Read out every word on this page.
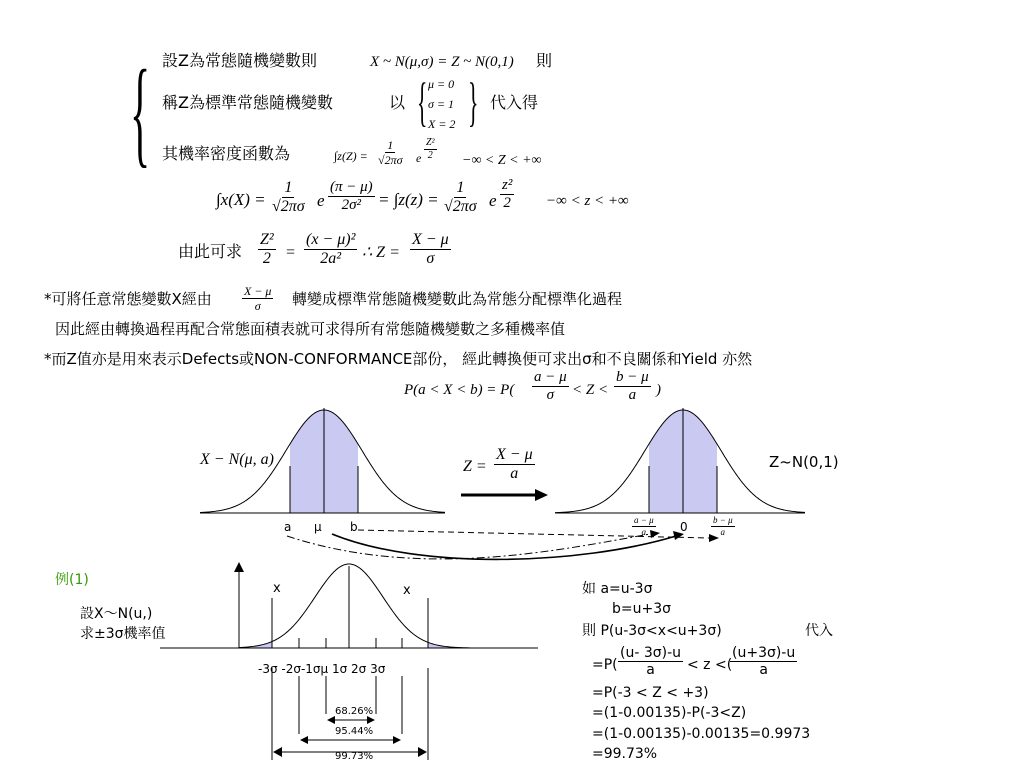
{ 設Z為常態隨機變數則	X ~ N(μ,σ) = Z ~ N(0,1) 則
稱Z為標準常態隨機變數	以 { μ = 0
σ = 1
X = 2 } 代入得
其機率密度函數為	$\int z(Z) = \frac{1}{√2\pi\sigma}$ e $\frac{\text{Z²}}{2}$ −∞ < Z < +∞
$\int x(X) = \frac{1}{√2\pi\sigma}$ e $\frac{(\pi - \mu)}{\text{2σ²}} = \int z(z) = \frac{1}{√2\pi\sigma}$ e $\frac{\text{z²}}{2}$ −∞ < z < +∞
由此可求 $\frac{\text{Z²}}{2} = \frac{\text{(x − μ)²}}{\text{2a²}}$ ∴ $Z = \frac{X - \mu}{\sigma}$
*可將任意常態變數X經由	$\frac{X - \mu}{\sigma}$ 轉變成標準常態隨機變數此為常態分配標準化過程
因此經由轉換過程再配合常態面積表就可求得所有常態隨機變數之多種機率值
*而Z值亦是用來表示Defects或NON-CONFORMANCE部份， 經此轉換便可求出σ和不良關係和Yield 亦然
$P(a < X < b) = P( \frac{a - \mu}{\sigma} < Z < \frac{b - \mu}{a}$ )
X − N(μ, a)
a μ b
$Z = \frac{X - \mu}{a}$	Z~N(0,1)
$\frac{a - \mu}{a} 0$	$\frac{b - \mu}{a}$
例(1)
設X～N(u,)
求±3σ機率值
x	x
-3σ -2σ-1σμ 1σ 2σ 3σ
68.26%
95.44%
99.73%
如 a=u-3σ
b=u+3σ
則 P(u-3σ<x<u+3σ)	代入
$=P( \frac{(u- 3\sigma)-u}{a} < z$ <(
$\frac{(u+3\sigma)-u}{a}$
=P(-3 < Z < +3)
=(1-0.00135)-P(-3<Z)
=(1-0.00135)-0.00135=0.9973
=99.73%
